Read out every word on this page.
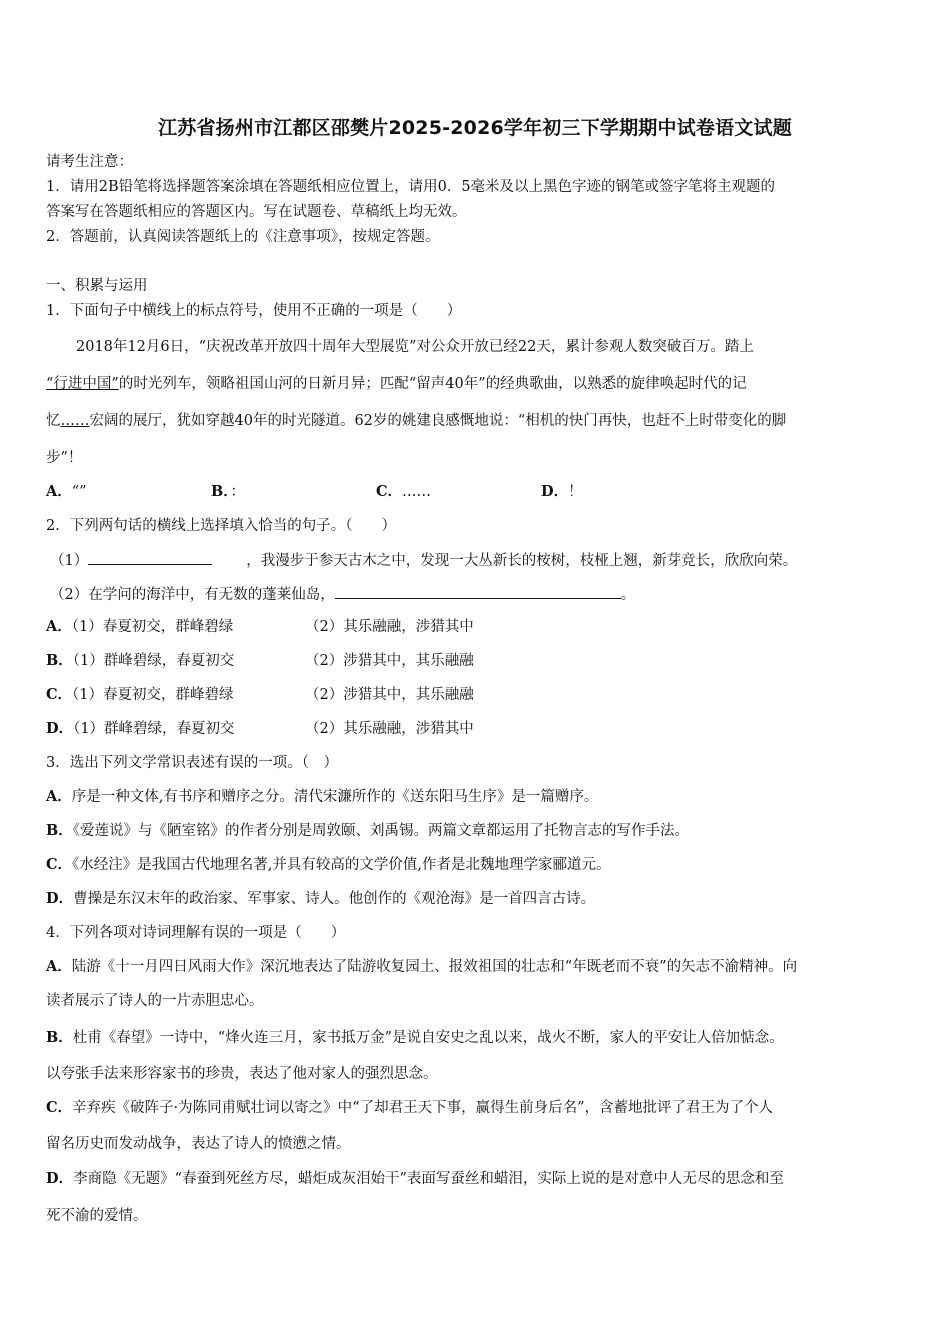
江苏省扬州市江都区邵樊片2025-2026学年初三下学期期中试卷语文试题
请考生注意：
1．请用2B铅笔将选择题答案涂填在答题纸相应位置上，请用0．5毫米及以上黑色字迹的钢笔或签字笔将主观题的
答案写在答题纸相应的答题区内。写在试题卷、草稿纸上均无效。
2．答题前，认真阅读答题纸上的《注意事项》，按规定答题。
一、积累与运用
1．下面句子中横线上的标点符号，使用不正确的一项是（　　）
2018年12月6日，“庆祝改革开放四十周年大型展览”对公众开放已经22天，累计参观人数突破百万。踏上
“行进中国”的时光列车，领略祖国山河的日新月异；匹配“留声40年”的经典歌曲，以熟悉的旋律唤起时代的记
忆……宏阔的展厅，犹如穿越40年的时光隧道。62岁的姚建良感慨地说：“相机的快门再快，也赶不上时带变化的脚
步”！
A．“”	B．：	C．……	D．！
2．下列两句话的横线上选择填入恰当的句子。（　　）
（1）	，我漫步于参天古木之中，发现一大丛新长的桉树，枝桠上翘，新芽竞长，欣欣向荣。
（2）在学问的海洋中，有无数的蓬莱仙岛，	。
A．（1）春夏初交，群峰碧绿	（2）其乐融融，涉猎其中
B．（1）群峰碧绿，春夏初交	（2）涉猎其中，其乐融融
C．（1）春夏初交，群峰碧绿	（2）涉猎其中，其乐融融
D．（1）群峰碧绿，春夏初交	（2）其乐融融，涉猎其中
3．选出下列文学常识表述有误的一项。（　）
A．序是一种文体,有书序和赠序之分。清代宋濂所作的《送东阳马生序》是一篇赠序。
B．《爱莲说》与《陋室铭》的作者分别是周敦颐、刘禹锡。两篇文章都运用了托物言志的写作手法。
C．《水经注》是我国古代地理名著,并具有较高的文学价值,作者是北魏地理学家郦道元。
D．曹操是东汉末年的政治家、军事家、诗人。他创作的《观沧海》是一首四言古诗。
4．下列各项对诗词理解有误的一项是（　　）
A．陆游《十一月四日风雨大作》深沉地表达了陆游收复园土、报效祖国的壮志和“年既老而不衰”的矢志不渝精神。向
读者展示了诗人的一片赤胆忠心。
B．杜甫《春望》一诗中，“烽火连三月，家书抵万金”是说自安史之乱以来，战火不断，家人的平安让人倍加惦念。
以夸张手法来形容家书的珍贵，表达了他对家人的强烈思念。
C．辛弃疾《破阵子·为陈同甫赋壮词以寄之》中“了却君王天下事，赢得生前身后名”，含蓄地批评了君王为了个人
留名历史而发动战争，表达了诗人的愤懑之情。
D．李商隐《无题》“春蚕到死丝方尽，蜡炬成灰泪始干”表面写蚕丝和蜡泪，实际上说的是对意中人无尽的思念和至
死不渝的爱情。
